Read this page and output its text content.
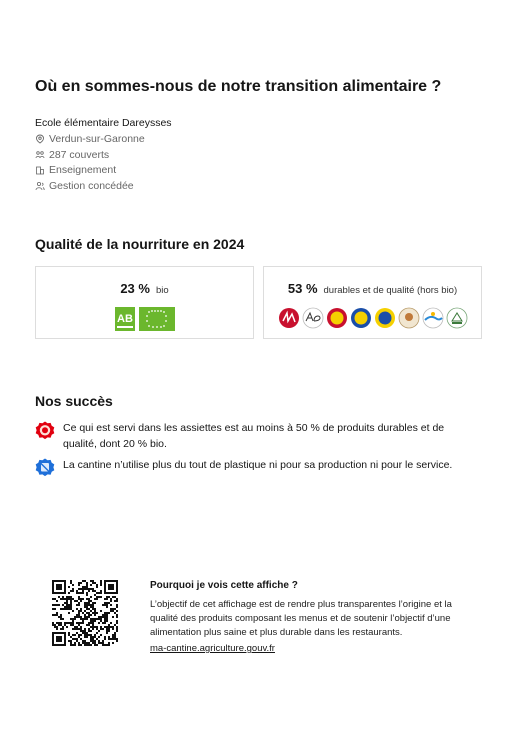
Où en sommes-nous de notre transition alimentaire ?
Ecole élémentaire Dareysses
Verdun-sur-Garonne
287 couverts
Enseignement
Gestion concédée
Qualité de la nourriture en 2024
23 % bio
AB
53 % durables et de qualité (hors bio)
Nos succès
Ce qui est servi dans les assiettes est au moins à 50 % de produits durables et de qualité, dont 20 % bio.
La cantine n’utilise plus du tout de plastique ni pour sa production ni pour le service.
Pourquoi je vois cette affiche ?
L’objectif de cet affichage est de rendre plus transparentes l’origine et la qualité des produits composant les menus et de soutenir l’objectif d’une alimentation plus saine et plus durable dans les restaurants.
ma-cantine.agriculture.gouv.fr
